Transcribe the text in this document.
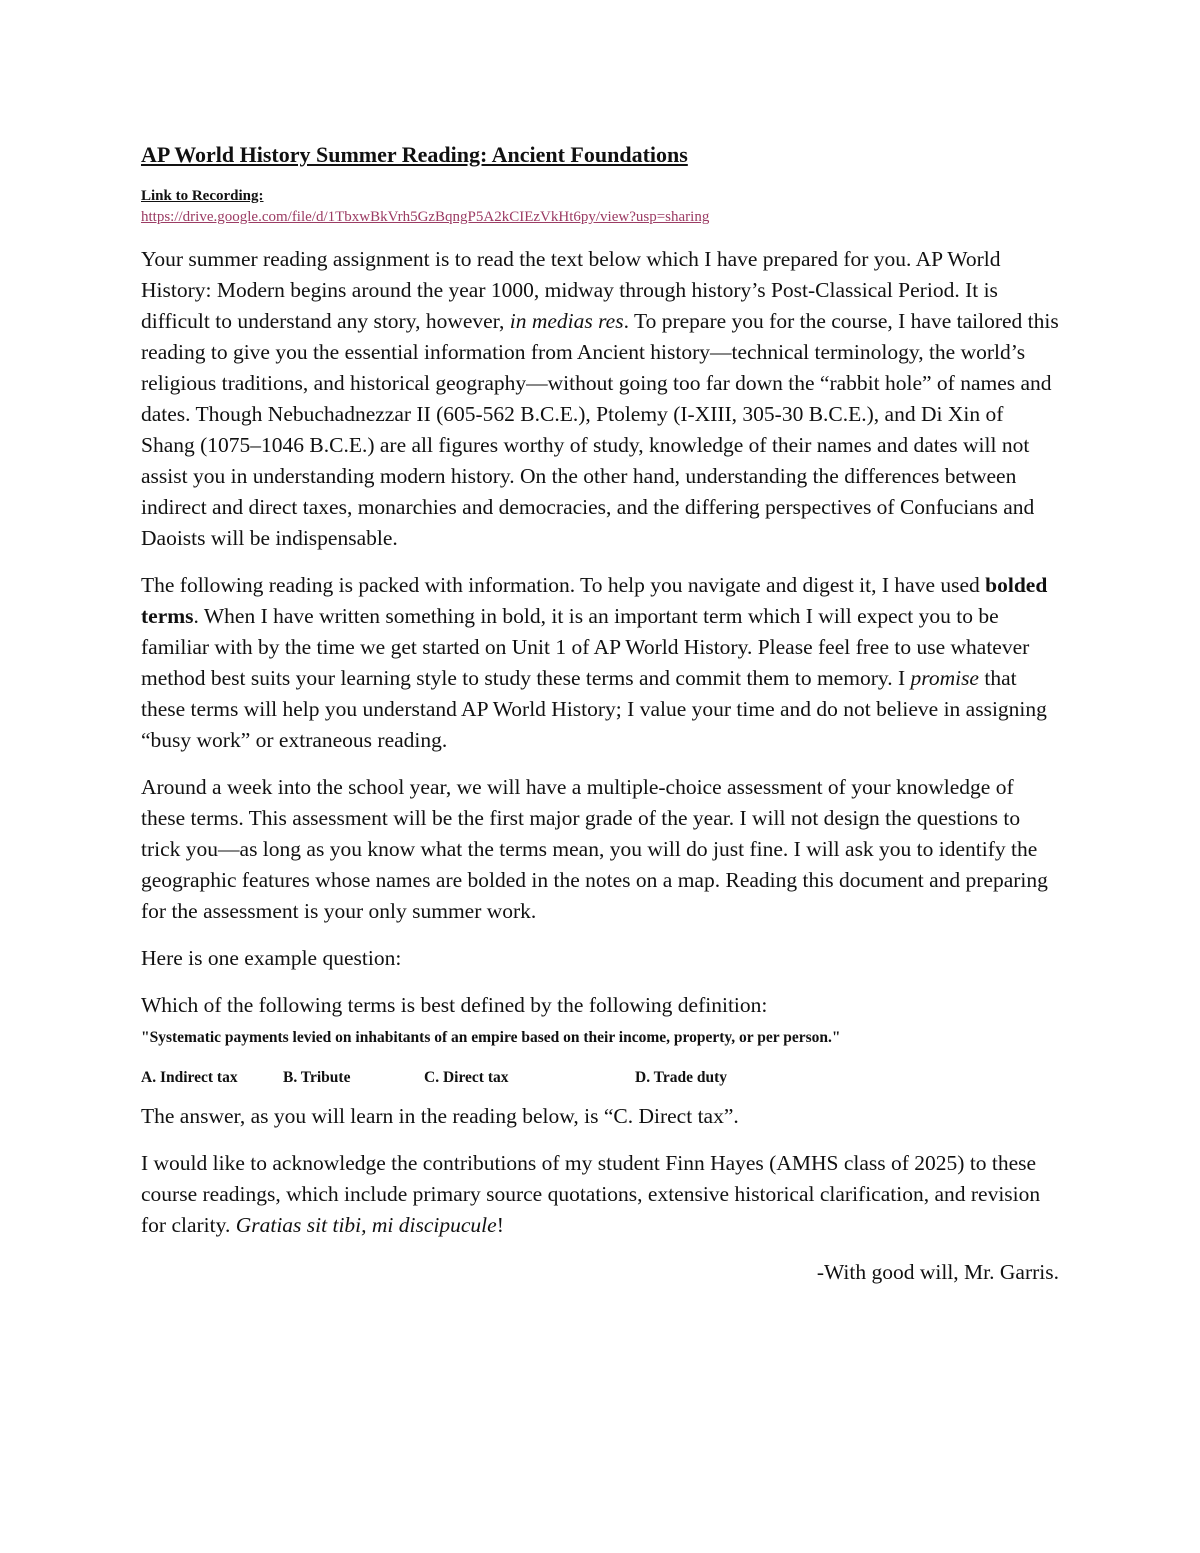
AP World History Summer Reading: Ancient Foundations
Link to Recording:
https://drive.google.com/file/d/1TbxwBkVrh5GzBqngP5A2kCIEzVkHt6py/view?usp=sharing

Your summer reading assignment is to read the text below which I have prepared for you. AP World History: Modern begins around the year 1000, midway through history’s Post-Classical Period. It is difficult to understand any story, however, in medias res. To prepare you for the course, I have tailored this reading to give you the essential information from Ancient history—technical terminology, the world’s religious traditions, and historical geography—without going too far down the “rabbit hole” of names and dates. Though Nebuchadnezzar II (605-562 B.C.E.), Ptolemy (I-XIII, 305-30 B.C.E.), and Di Xin of Shang (1075–1046 B.C.E.) are all figures worthy of study, knowledge of their names and dates will not assist you in understanding modern history. On the other hand, understanding the differences between indirect and direct taxes, monarchies and democracies, and the differing perspectives of Confucians and Daoists will be indispensable.

The following reading is packed with information. To help you navigate and digest it, I have used bolded terms. When I have written something in bold, it is an important term which I will expect you to be familiar with by the time we get started on Unit 1 of AP World History. Please feel free to use whatever method best suits your learning style to study these terms and commit them to memory. I promise that these terms will help you understand AP World History; I value your time and do not believe in assigning “busy work” or extraneous reading.

Around a week into the school year, we will have a multiple-choice assessment of your knowledge of these terms. This assessment will be the first major grade of the year. I will not design the questions to trick you—as long as you know what the terms mean, you will do just fine. I will ask you to identify the geographic features whose names are bolded in the notes on a map. Reading this document and preparing for the assessment is your only summer work.

Here is one example question:

Which of the following terms is best defined by the following definition:

"Systematic payments levied on inhabitants of an empire based on their income, property, or per person."
A. Indirect tax	B. Tribute	C. Direct tax	D. Trade duty

The answer, as you will learn in the reading below, is “C. Direct tax”.

I would like to acknowledge the contributions of my student Finn Hayes (AMHS class of 2025) to these course readings, which include primary source quotations, extensive historical clarification, and revision for clarity. Gratias sit tibi, mi discipucule!

-With good will, Mr. Garris.
